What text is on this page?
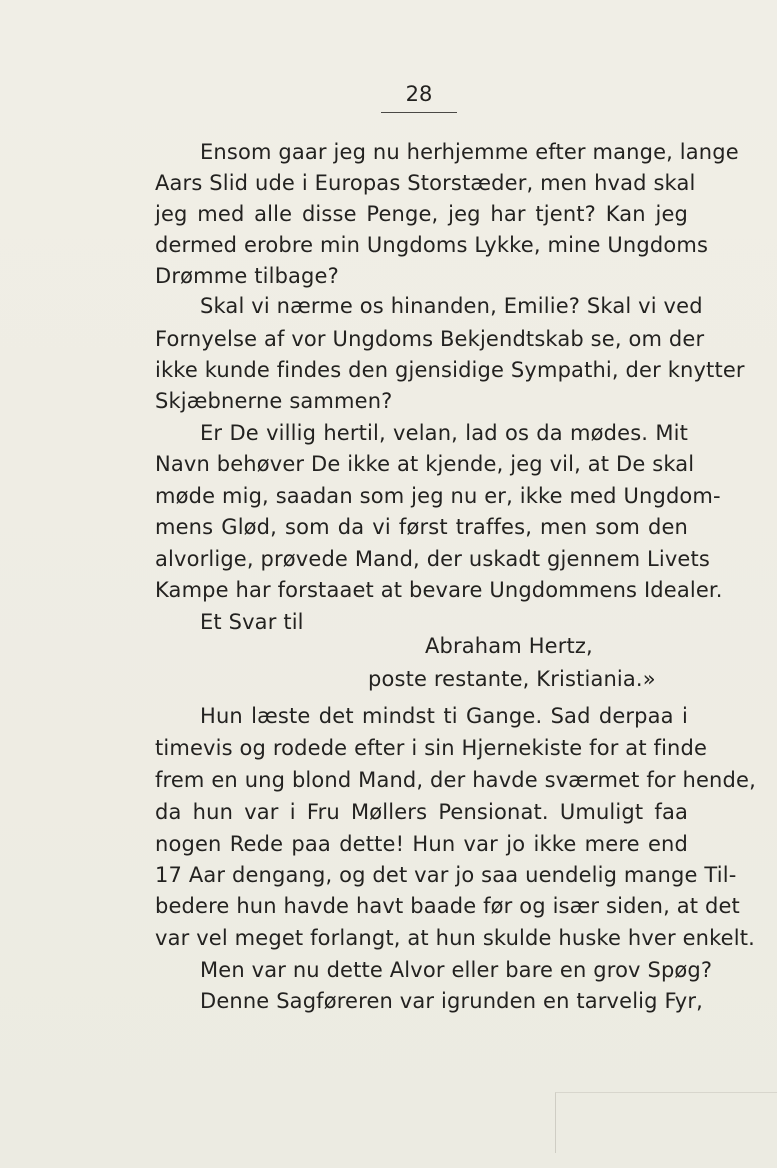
28
Ensom gaar jeg nu herhjemme efter mange, lange
Aars Slid ude i Europas Storstæder, men hvad skal
jeg med alle disse Penge, jeg har tjent? Kan jeg
dermed erobre min Ungdoms Lykke, mine Ungdoms
Drømme tilbage?
Skal vi nærme os hinanden, Emilie? Skal vi ved
Fornyelse af vor Ungdoms Bekjendtskab se, om der
ikke kunde findes den gjensidige Sympathi, der knytter
Skjæbnerne sammen?
Er De villig hertil, velan, lad os da mødes. Mit
Navn behøver De ikke at kjende, jeg vil, at De skal
møde mig, saadan som jeg nu er, ikke med Ungdom-
mens Glød, som da vi først traffes, men som den
alvorlige, prøvede Mand, der uskadt gjennem Livets
Kampe har forstaaet at bevare Ungdommens Idealer.
Et Svar til
Abraham Hertz,
poste restante, Kristiania.»
Hun læste det mindst ti Gange. Sad derpaa i
timevis og rodede efter i sin Hjernekiste for at finde
frem en ung blond Mand, der havde sværmet for hende,
da hun var i Fru Møllers Pensionat. Umuligt faa
nogen Rede paa dette! Hun var jo ikke mere end
17 Aar dengang, og det var jo saa uendelig mange Til-
bedere hun havde havt baade før og især siden, at det
var vel meget forlangt, at hun skulde huske hver enkelt.
Men var nu dette Alvor eller bare en grov Spøg?
Denne Sagføreren var igrunden en tarvelig Fyr,
